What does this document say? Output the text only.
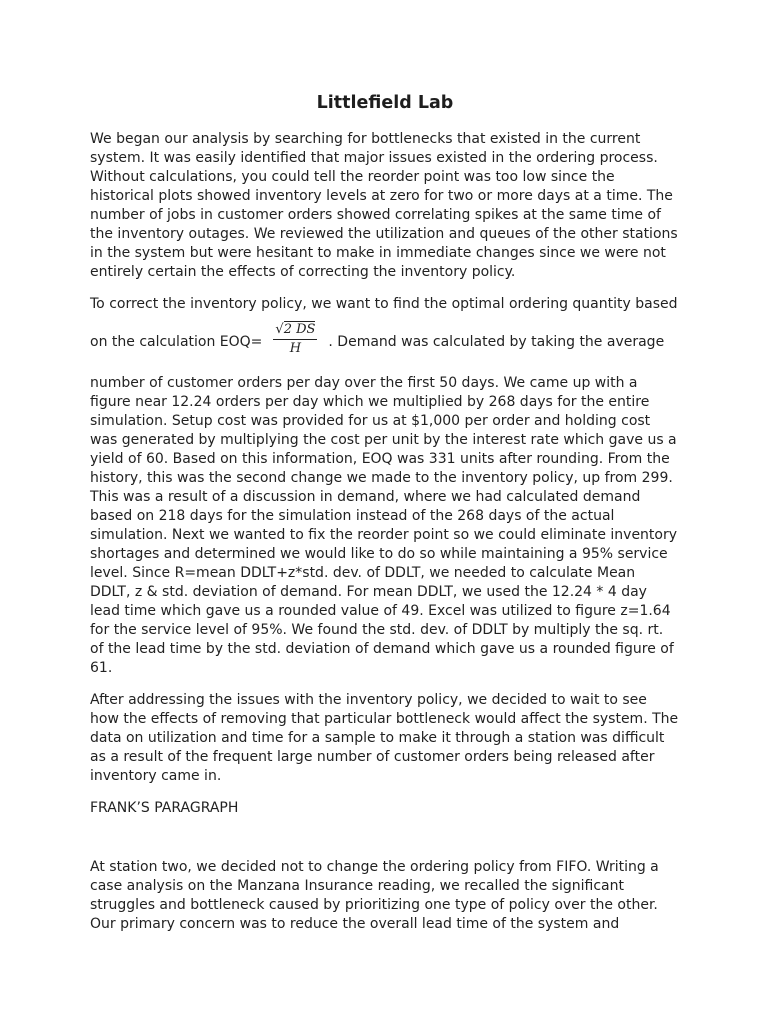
Littlefield Lab

We began our analysis by searching for bottlenecks that existed in the current system. It was easily identified that major issues existed in the ordering process. Without calculations, you could tell the reorder point was too low since the historical plots showed inventory levels at zero for two or more days at a time. The number of jobs in customer orders showed correlating spikes at the same time of the inventory outages. We reviewed the utilization and queues of the other stations in the system but were hesitant to make in immediate changes since we were not entirely certain the effects of correcting the inventory policy.

To correct the inventory policy, we want to find the optimal ordering quantity based

on the calculation $EOQ= \frac{√2 DS}{H}$ . Demand was calculated by taking the average

number of customer orders per day over the first 50 days. We came up with a figure near 12.24 orders per day which we multiplied by 268 days for the entire simulation. Setup cost was provided for us at $1,000 per order and holding cost was generated by multiplying the cost per unit by the interest rate which gave us a yield of 60. Based on this information, EOQ was 331 units after rounding. From the history, this was the second change we made to the inventory policy, up from 299. This was a result of a discussion in demand, where we had calculated demand based on 218 days for the simulation instead of the 268 days of the actual simulation. Next we wanted to fix the reorder point so we could eliminate inventory shortages and determined we would like to do so while maintaining a 95% service level. Since R=mean DDLT+z*std. dev. of DDLT, we needed to calculate Mean DDLT, z & std. deviation of demand. For mean DDLT, we used the 12.24 * 4 day lead time which gave us a rounded value of 49. Excel was utilized to figure z=1.64 for the service level of 95%. We found the std. dev. of DDLT by multiply the sq. rt. of the lead time by the std. deviation of demand which gave us a rounded figure of 61.

After addressing the issues with the inventory policy, we decided to wait to see how the effects of removing that particular bottleneck would affect the system. The data on utilization and time for a sample to make it through a station was difficult as a result of the frequent large number of customer orders being released after inventory came in.

FRANK’S PARAGRAPH

At station two, we decided not to change the ordering policy from FIFO. Writing a case analysis on the Manzana Insurance reading, we recalled the significant struggles and bottleneck caused by prioritizing one type of policy over the other. Our primary concern was to reduce the overall lead time of the system and
